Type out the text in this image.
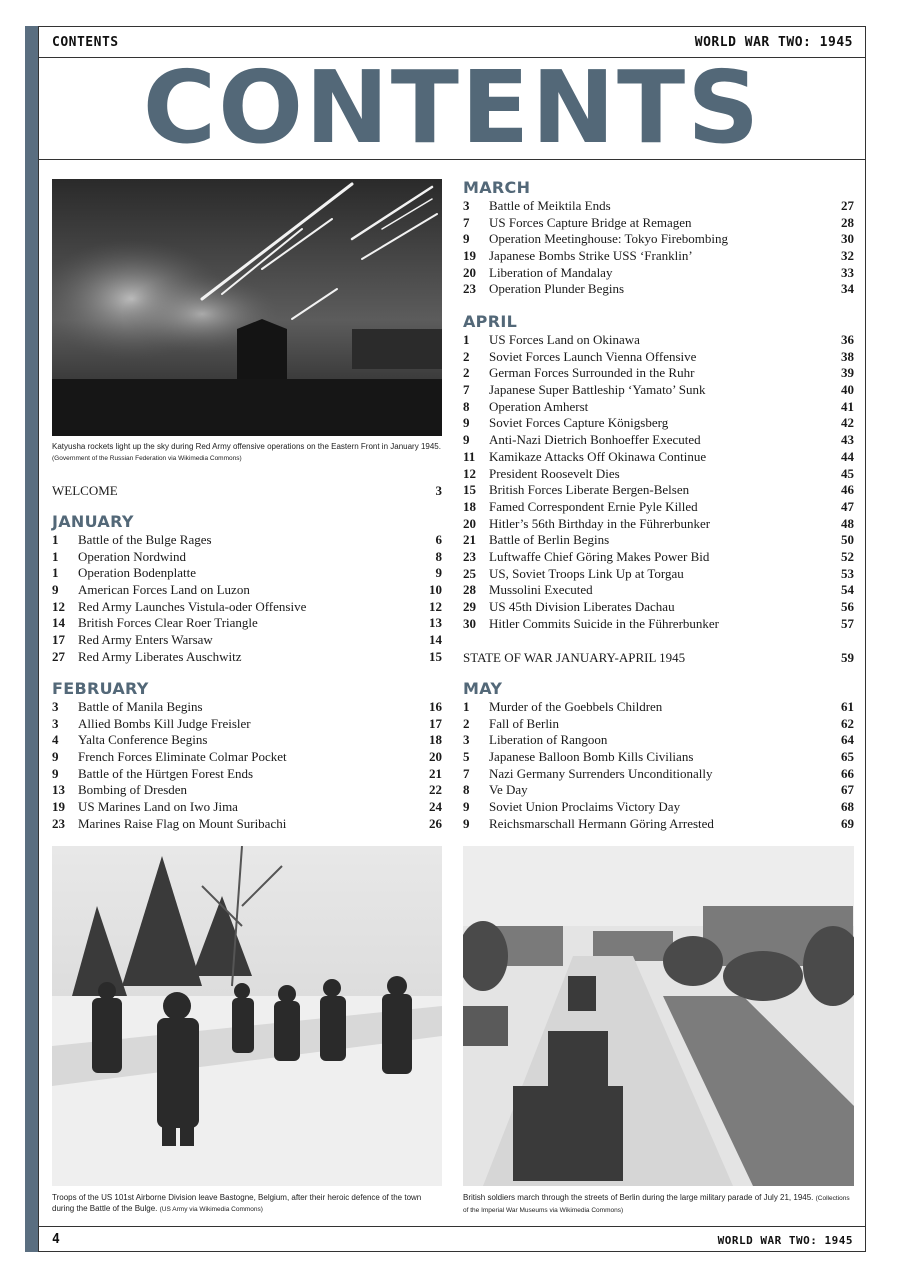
CONTENTS	WORLD WAR TWO: 1945
CONTENTS
Katyusha rockets light up the sky during Red Army offensive operations on the Eastern Front in January 1945. (Government of the Russian Federation via Wikimedia Commons)
WELCOME	3
JANUARY
1	Battle of the Bulge Rages	6
1	Operation Nordwind	8
1	Operation Bodenplatte	9
9	American Forces Land on Luzon	10
12	Red Army Launches Vistula-oder Offensive	12
14	British Forces Clear Roer Triangle	13
17	Red Army Enters Warsaw	14
27	Red Army Liberates Auschwitz	15
FEBRUARY
3	Battle of Manila Begins	16
3	Allied Bombs Kill Judge Freisler	17
4	Yalta Conference Begins	18
9	French Forces Eliminate Colmar Pocket	20
9	Battle of the Hürtgen Forest Ends	21
13	Bombing of Dresden	22
19	US Marines Land on Iwo Jima	24
23	Marines Raise Flag on Mount Suribachi	26
MARCH
3	Battle of Meiktila Ends	27
7	US Forces Capture Bridge at Remagen	28
9	Operation Meetinghouse: Tokyo Firebombing	30
19	Japanese Bombs Strike USS ‘Franklin’	32
20	Liberation of Mandalay	33
23	Operation Plunder Begins	34
APRIL
1	US Forces Land on Okinawa	36
2	Soviet Forces Launch Vienna Offensive	38
2	German Forces Surrounded in the Ruhr	39
7	Japanese Super Battleship ‘Yamato’ Sunk	40
8	Operation Amherst	41
9	Soviet Forces Capture Königsberg	42
9	Anti-Nazi Dietrich Bonhoeffer Executed	43
11	Kamikaze Attacks Off Okinawa Continue	44
12	President Roosevelt Dies	45
15	British Forces Liberate Bergen-Belsen	46
18	Famed Correspondent Ernie Pyle Killed	47
20	Hitler’s 56th Birthday in the Führerbunker	48
21	Battle of Berlin Begins	50
23	Luftwaffe Chief Göring Makes Power Bid	52
25	US, Soviet Troops Link Up at Torgau	53
28	Mussolini Executed	54
29	US 45th Division Liberates Dachau	56
30	Hitler Commits Suicide in the Führerbunker	57
STATE OF WAR JANUARY-APRIL 1945	59
MAY
1	Murder of the Goebbels Children	61
2	Fall of Berlin	62
3	Liberation of Rangoon	64
5	Japanese Balloon Bomb Kills Civilians	65
7	Nazi Germany Surrenders Unconditionally	66
8	Ve Day	67
9	Soviet Union Proclaims Victory Day	68
9	Reichsmarschall Hermann Göring Arrested	69
Troops of the US 101st Airborne Division leave Bastogne, Belgium, after their heroic defence of the town during the Battle of the Bulge. (US Army via Wikimedia Commons)
British soldiers march through the streets of Berlin during the large military parade of July 21, 1945. (Collections of the Imperial War Museums via Wikimedia Commons)
4	WORLD WAR TWO: 1945
